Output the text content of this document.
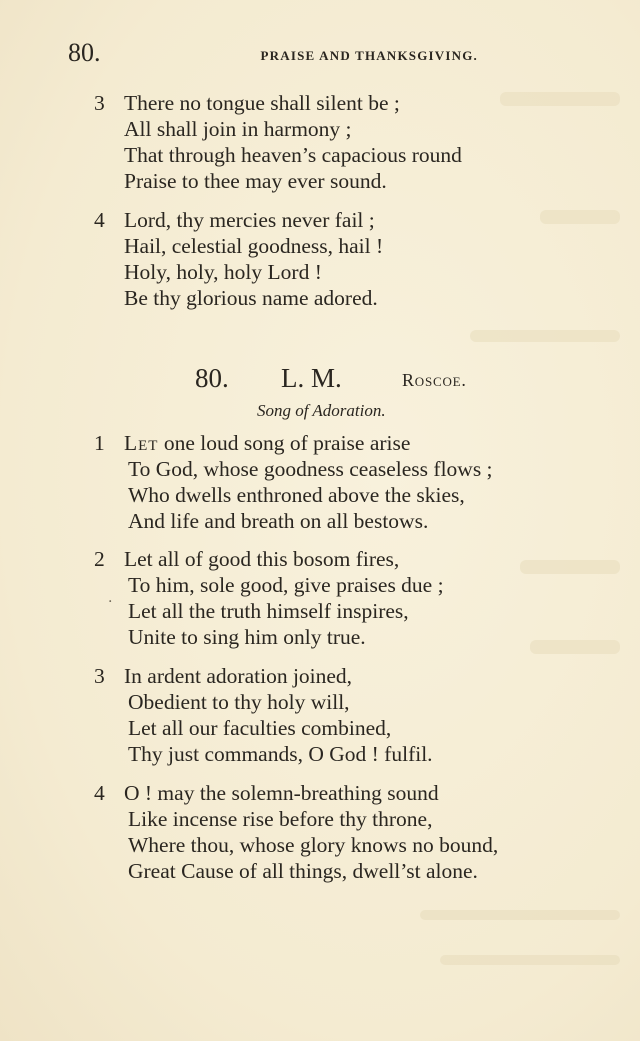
80.	PRAISE AND THANKSGIVING.
3 There no tongue shall silent be ;
All shall join in harmony ;
That through heaven’s capacious round
Praise to thee may ever sound.
4 Lord, thy mercies never fail ;
Hail, celestial goodness, hail !
Holy, holy, holy Lord !
Be thy glorious name adored.
80. L. M.	Roscoe.
Song of Adoration.
1 Let one loud song of praise arise
To God, whose goodness ceaseless flows ;
Who dwells enthroned above the skies,
And life and breath on all bestows.
2 Let all of good this bosom fires,
To him, sole good, give praises due ;
Let all the truth himself inspires,
Unite to sing him only true.
.
3 In ardent adoration joined,
Obedient to thy holy will,
Let all our faculties combined,
Thy just commands, O God ! fulfil.
4 O ! may the solemn-breathing sound
Like incense rise before thy throne,
Where thou, whose glory knows no bound,
Great Cause of all things, dwell’st alone.
